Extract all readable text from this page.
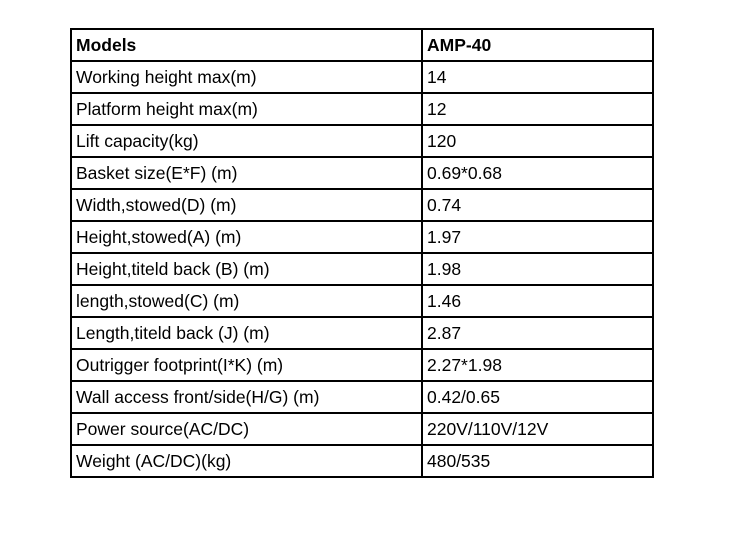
Models	AMP-40
Working height max(m)	14
Platform height max(m)	12
Lift capacity(kg)	120
Basket size(E*F) (m)	0.69*0.68
Width,stowed(D) (m)	0.74
Height,stowed(A) (m)	1.97
Height,titeld back (B) (m)	1.98
length,stowed(C) (m)	1.46
Length,titeld back (J) (m)	2.87
Outrigger footprint(I*K) (m)	2.27*1.98
Wall access front/side(H/G) (m)	0.42/0.65
Power source(AC/DC)	220V/110V/12V
Weight (AC/DC)(kg)	480/535
